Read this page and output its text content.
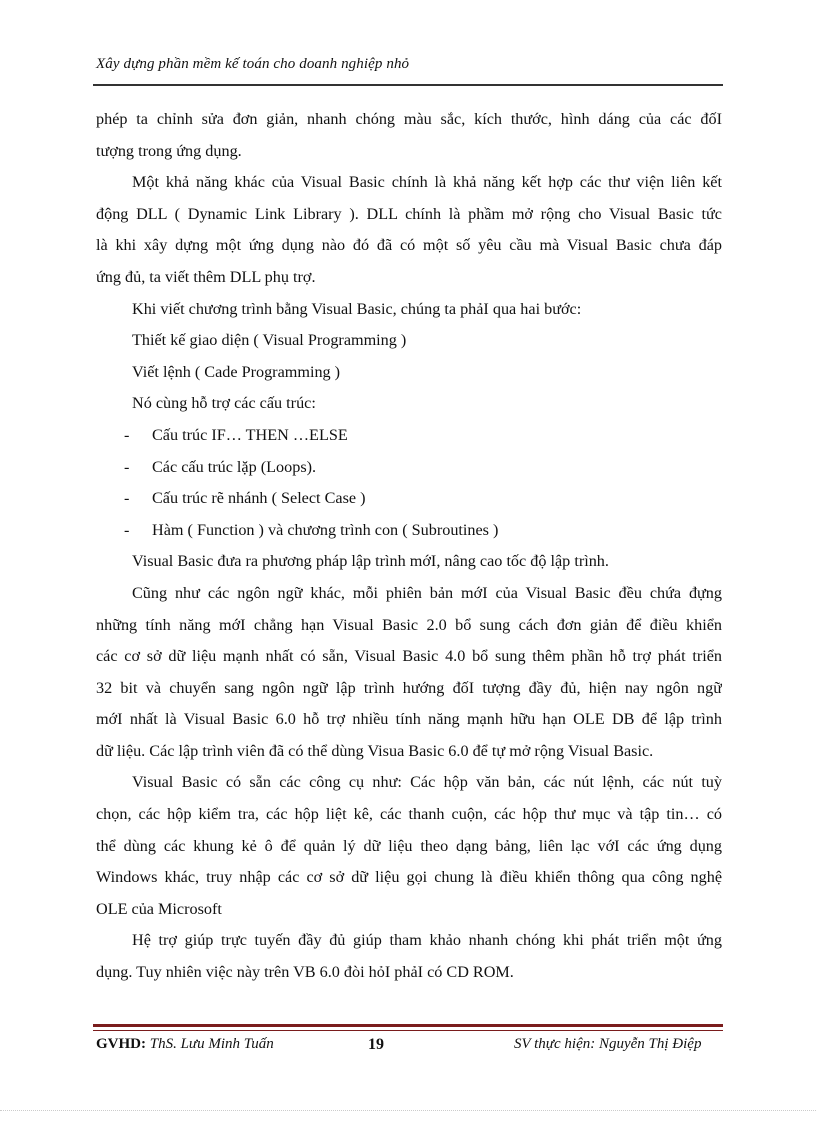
Xây dựng phần mềm kế toán cho doanh nghiệp nhỏ
phép ta chỉnh sửa đơn giản, nhanh chóng màu sắc, kích thước, hình dáng của các đốI
tượng trong ứng dụng.
Một khả năng khác của Visual Basic chính là khả năng kết hợp các thư viện liên kết
động DLL ( Dynamic Link Library ). DLL chính là phầm mở rộng cho Visual Basic tức
là khi xây dựng một ứng dụng nào đó đã có một số yêu cầu mà Visual Basic chưa đáp
ứng đủ, ta viết thêm DLL phụ trợ.
Khi viết chương trình bằng Visual Basic, chúng ta phảI qua hai bước:
Thiết kế giao diện ( Visual Programming )
Viết lệnh ( Cade Programming )
Nó cùng hỗ trợ các cấu trúc:
-	Cấu trúc IF… THEN …ELSE
-	Các cấu trúc lặp (Loops).
-	Cấu trúc rẽ nhánh ( Select Case )
-	Hàm ( Function ) và chương trình con ( Subroutines )
Visual Basic đưa ra phương pháp lập trình mớI, nâng cao tốc độ lập trình.
Cũng như các ngôn ngữ khác, mỗi phiên bản mớI của Visual Basic đều chứa đựng
những tính năng mớI chẳng hạn Visual Basic 2.0 bổ sung cách đơn giản để điều khiển
các cơ sở dữ liệu mạnh nhất có sẵn, Visual Basic 4.0 bổ sung thêm phần hỗ trợ phát triển
32 bit và chuyển sang ngôn ngữ lập trình hướng đốI tượng đầy đủ, hiện nay ngôn ngữ
mớI nhất là Visual Basic 6.0 hỗ trợ nhiều tính năng mạnh hữu hạn OLE DB để lập trình
dữ liệu. Các lập trình viên đã có thể dùng Visua Basic 6.0 để tự mở rộng Visual Basic.
Visual Basic có sẵn các công cụ như: Các hộp văn bản, các nút lệnh, các nút tuỳ
chọn, các hộp kiểm tra, các hộp liệt kê, các thanh cuộn, các hộp thư mục và tập tin… có
thể dùng các khung kẻ ô để quản lý dữ liệu theo dạng bảng, liên lạc vớI các ứng dụng
Windows khác, truy nhập các cơ sở dữ liệu gọi chung là điều khiển thông qua công nghệ
OLE của Microsoft
Hệ trợ giúp trực tuyến đầy đủ giúp tham khảo nhanh chóng khi phát triển một ứng
dụng. Tuy nhiên việc này trên VB 6.0 đòi hỏI phảI có CD ROM.
GVHD: ThS. Lưu Minh Tuấn	19	SV thực hiện: Nguyễn Thị Điệp
